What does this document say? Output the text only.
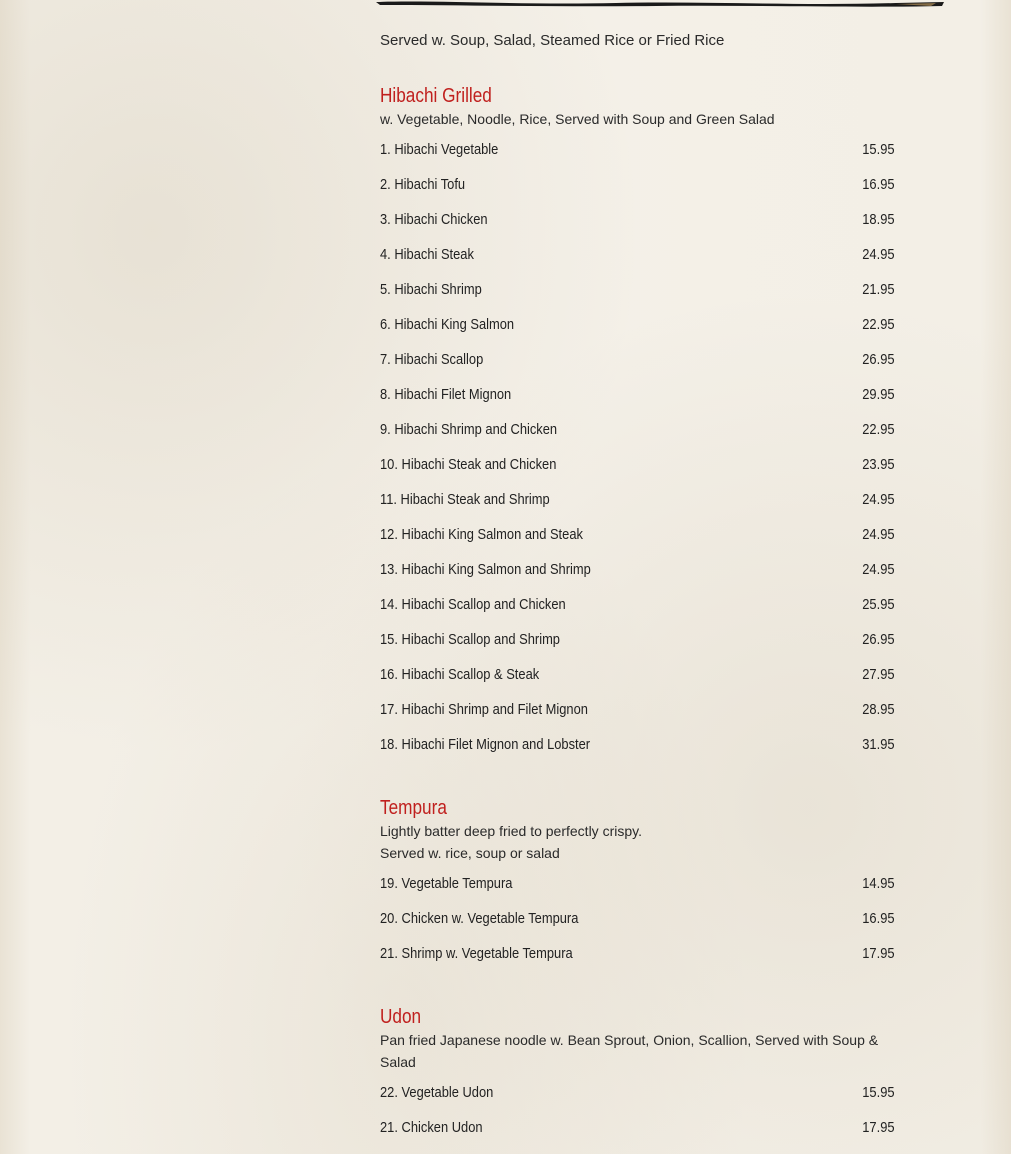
Served w. Soup, Salad, Steamed Rice or Fried Rice
Hibachi Grilled
w. Vegetable, Noodle, Rice, Served with Soup and Green Salad
1. Hibachi Vegetable	15.95
2. Hibachi Tofu	16.95
3. Hibachi Chicken	18.95
4. Hibachi Steak	24.95
5. Hibachi Shrimp	21.95
6. Hibachi King Salmon	22.95
7. Hibachi Scallop	26.95
8. Hibachi Filet Mignon	29.95
9. Hibachi Shrimp and Chicken	22.95
10. Hibachi Steak and Chicken	23.95
11. Hibachi Steak and Shrimp	24.95
12. Hibachi King Salmon and Steak	24.95
13. Hibachi King Salmon and Shrimp	24.95
14. Hibachi Scallop and Chicken	25.95
15. Hibachi Scallop and Shrimp	26.95
16. Hibachi Scallop & Steak	27.95
17. Hibachi Shrimp and Filet Mignon	28.95
18. Hibachi Filet Mignon and Lobster	31.95
Tempura
Lightly batter deep fried to perfectly crispy.
Served w. rice, soup or salad
19. Vegetable Tempura	14.95
20. Chicken w. Vegetable Tempura	16.95
21. Shrimp w. Vegetable Tempura	17.95
Udon
Pan fried Japanese noodle w. Bean Sprout, Onion, Scallion, Served with Soup & Salad
22. Vegetable Udon	15.95
21. Chicken Udon	17.95
